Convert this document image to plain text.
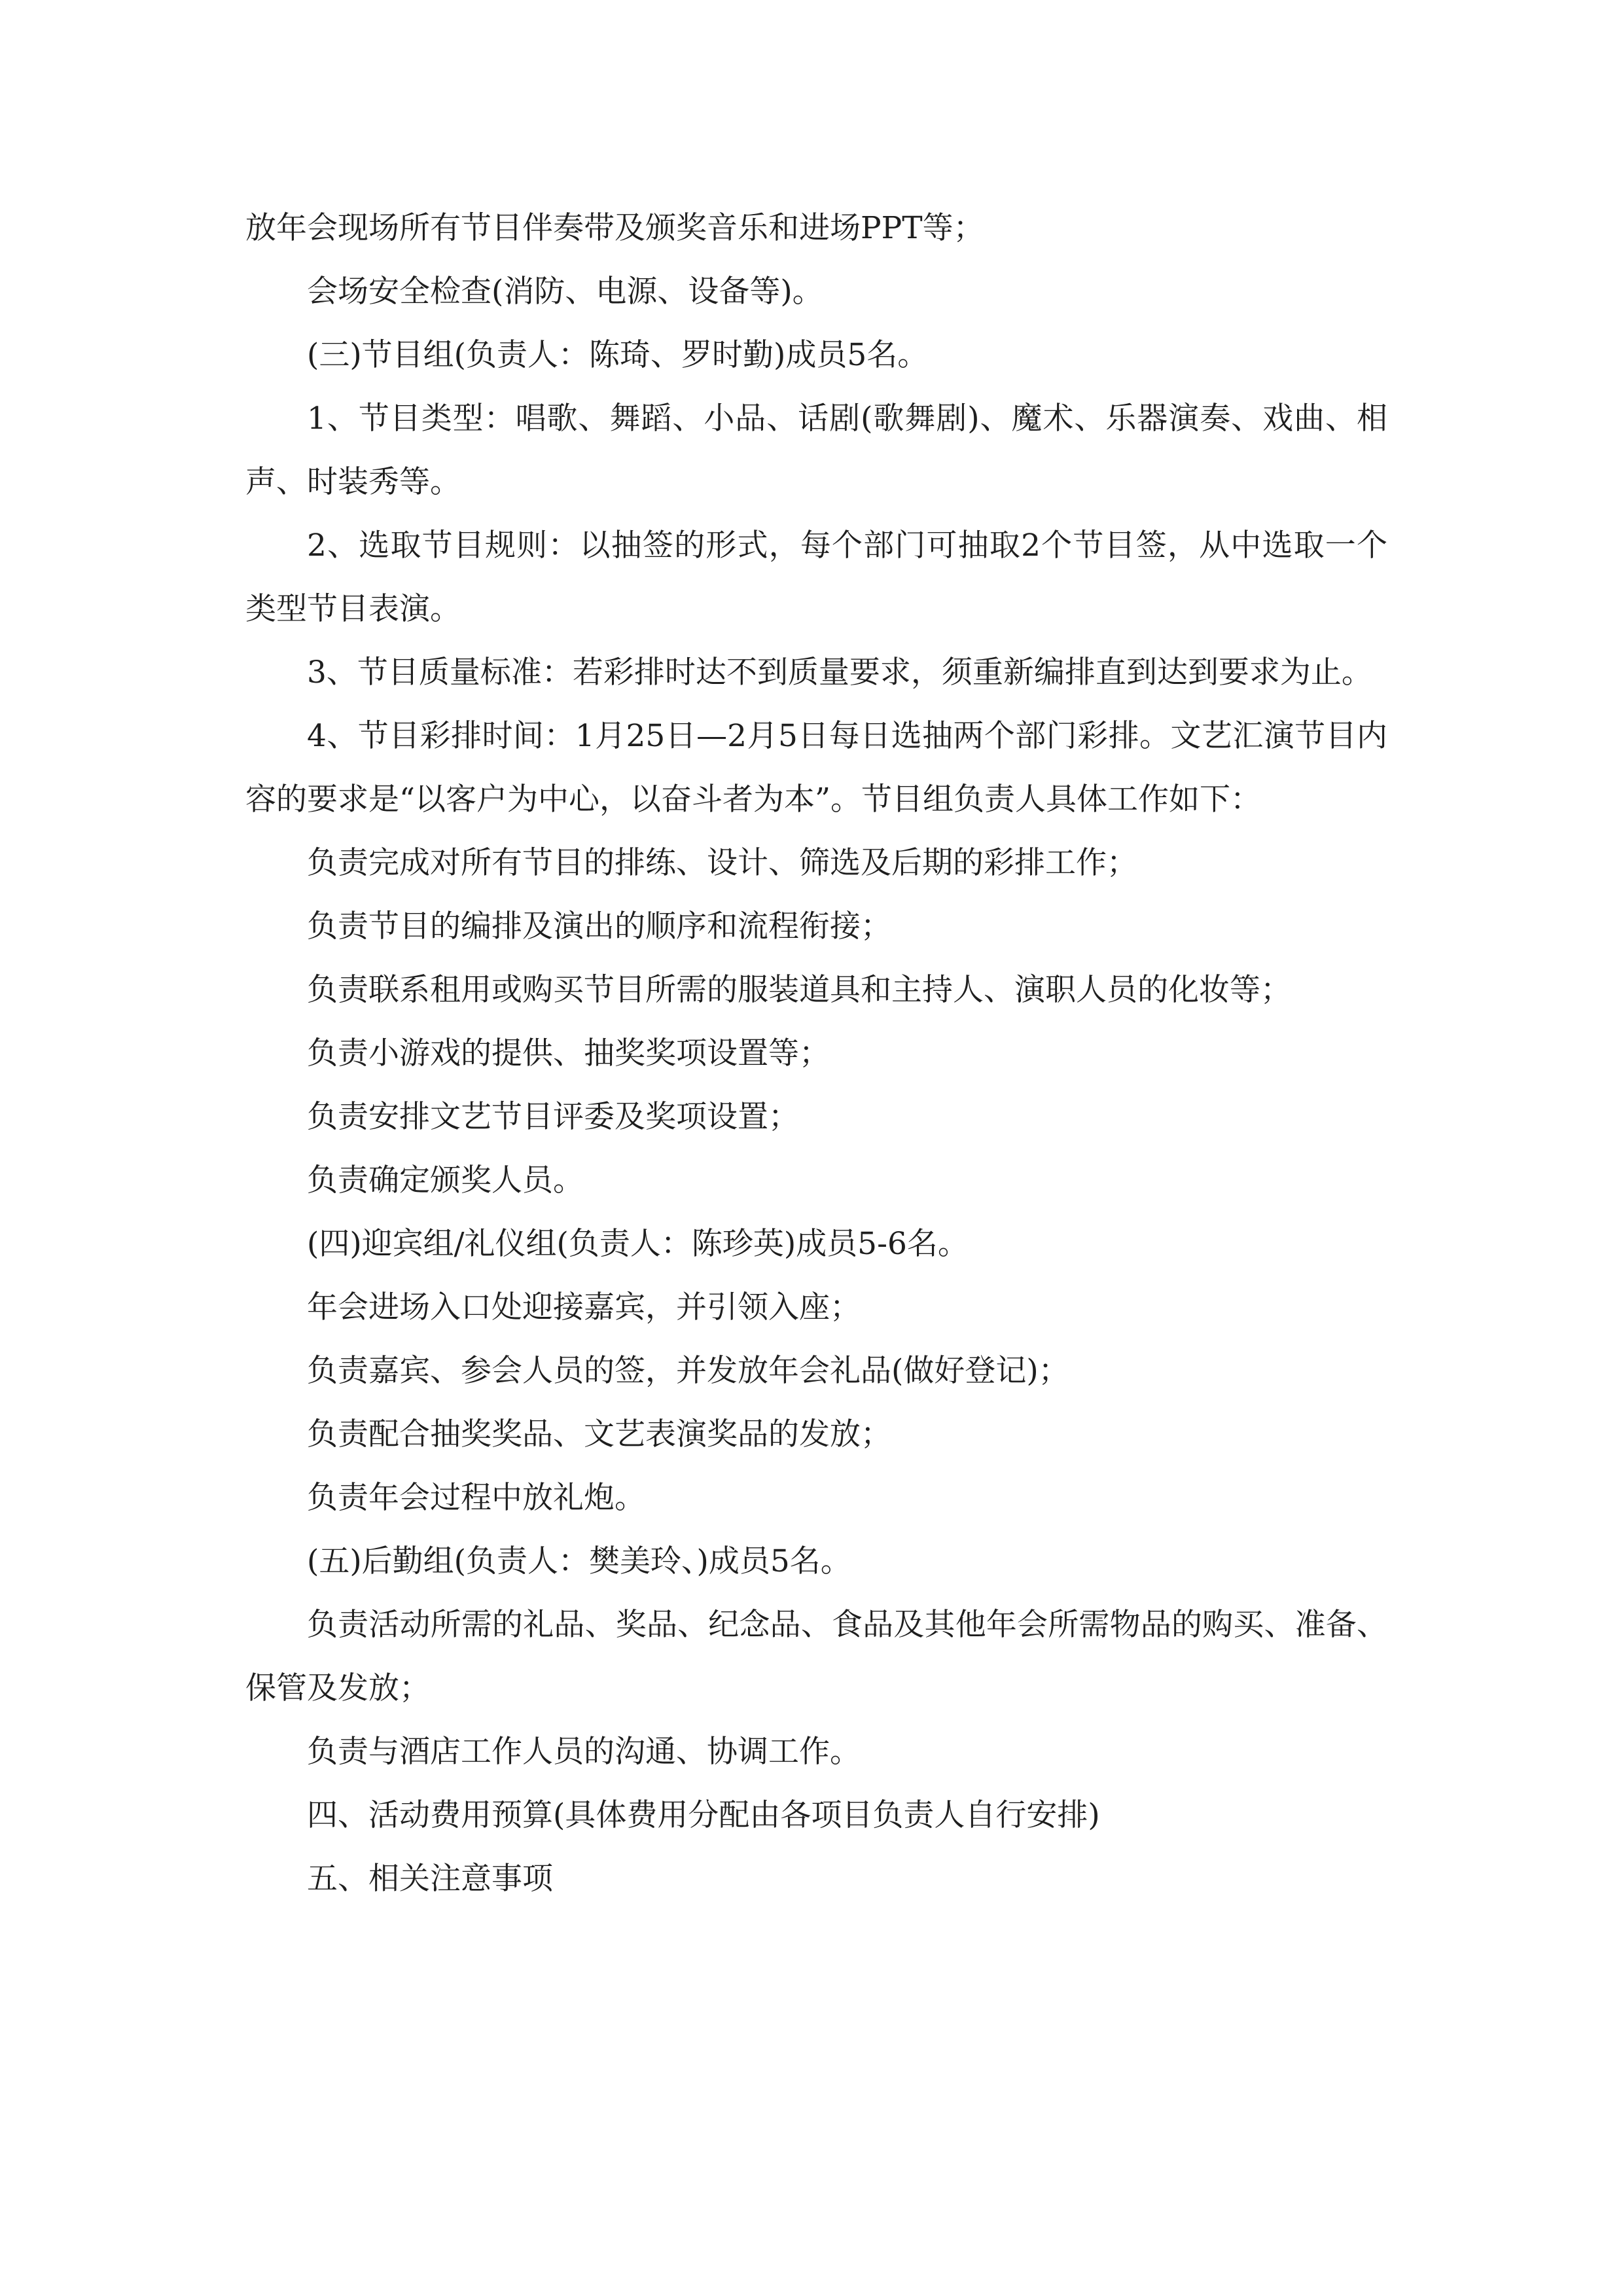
放年会现场所有节目伴奏带及颁奖音乐和进场PPT等；

会场安全检查(消防、电源、设备等)。

(三)节目组(负责人：陈琦、罗时勤)成员5名。

1、节目类型：唱歌、舞蹈、小品、话剧(歌舞剧)、魔术、乐器演奏、戏曲、相声、时装秀等。

2、选取节目规则：以抽签的形式，每个部门可抽取2个节目签，从中选取一个类型节目表演。

3、节目质量标准：若彩排时达不到质量要求，须重新编排直到达到要求为止。

4、节目彩排时间：1月25日—2月5日每日选抽两个部门彩排。文艺汇演节目内容的要求是“以客户为中心，以奋斗者为本”。节目组负责人具体工作如下：

负责完成对所有节目的排练、设计、筛选及后期的彩排工作；

负责节目的编排及演出的顺序和流程衔接；

负责联系租用或购买节目所需的服装道具和主持人、演职人员的化妆等；

负责小游戏的提供、抽奖奖项设置等；

负责安排文艺节目评委及奖项设置；

负责确定颁奖人员。

(四)迎宾组/礼仪组(负责人：陈珍英)成员5-6名。

年会进场入口处迎接嘉宾，并引领入座；

负责嘉宾、参会人员的签，并发放年会礼品(做好登记)；

负责配合抽奖奖品、文艺表演奖品的发放；

负责年会过程中放礼炮。

(五)后勤组(负责人：樊美玲、)成员5名。

负责活动所需的礼品、奖品、纪念品、食品及其他年会所需物品的购买、准备、保管及发放；

负责与酒店工作人员的沟通、协调工作。

四、活动费用预算(具体费用分配由各项目负责人自行安排)

五、相关注意事项
